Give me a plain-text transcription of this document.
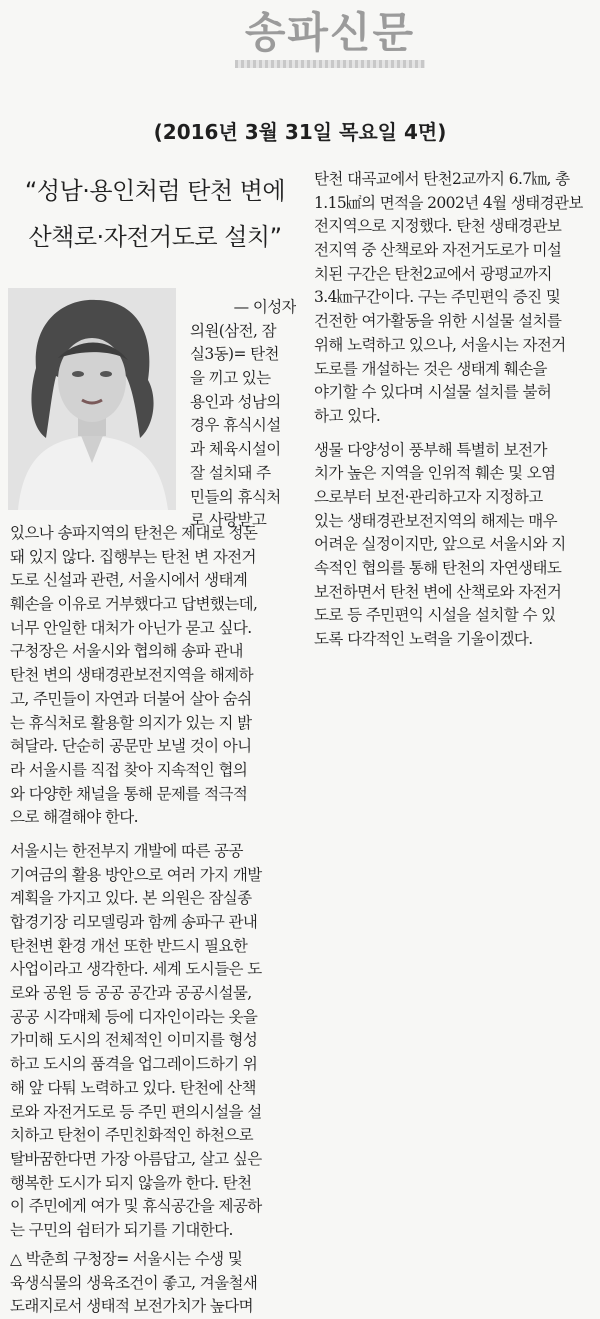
송파신문
(2016년 3월 31일 목요일 4면)
“성남·용인처럼 탄천 변에
산책로·자전거도로 설치”
— 이성자
의원(삼전, 잠
실3동)= 탄천
을 끼고 있는
용인과 성남의
경우 휴식시설
과 체육시설이
잘 설치돼 주
민들의 휴식처
로 사랑받고
있으나 송파지역의 탄천은 제대로 정돈
돼 있지 않다. 집행부는 탄천 변 자전거
도로 신설과 관련, 서울시에서 생태계
훼손을 이유로 거부했다고 답변했는데,
너무 안일한 대처가 아닌가 묻고 싶다.
구청장은 서울시와 협의해 송파 관내
탄천 변의 생태경관보전지역을 해제하
고, 주민들이 자연과 더불어 살아 숨쉬
는 휴식처로 활용할 의지가 있는 지 밝
혀달라. 단순히 공문만 보낼 것이 아니
라 서울시를 직접 찾아 지속적인 협의
와 다양한 채널을 통해 문제를 적극적
으로 해결해야 한다.
서울시는 한전부지 개발에 따른 공공
기여금의 활용 방안으로 여러 가지 개발
계획을 가지고 있다. 본 의원은 잠실종
합경기장 리모델링과 함께 송파구 관내
탄천변 환경 개선 또한 반드시 필요한
사업이라고 생각한다. 세계 도시들은 도
로와 공원 등 공공 공간과 공공시설물,
공공 시각매체 등에 디자인이라는 옷을
가미해 도시의 전체적인 이미지를 형성
하고 도시의 품격을 업그레이드하기 위
해 앞 다퉈 노력하고 있다. 탄천에 산책
로와 자전거도로 등 주민 편의시설을 설
치하고 탄천이 주민친화적인 하천으로
탈바꿈한다면 가장 아름답고, 살고 싶은
행복한 도시가 되지 않을까 한다. 탄천
이 주민에게 여가 및 휴식공간을 제공하
는 구민의 쉼터가 되기를 기대한다.
△ 박춘희 구청장= 서울시는 수생 및
육생식물의 생육조건이 좋고, 겨울철새
도래지로서 생태적 보전가치가 높다며
탄천 대곡교에서 탄천2교까지 6.7㎞, 총
1.15㎢의 면적을 2002년 4월 생태경관보
전지역으로 지정했다. 탄천 생태경관보
전지역 중 산책로와 자전거도로가 미설
치된 구간은 탄천2교에서 광평교까지
3.4㎞구간이다. 구는 주민편익 증진 및
건전한 여가활동을 위한 시설물 설치를
위해 노력하고 있으나, 서울시는 자전거
도로를 개설하는 것은 생태계 훼손을
야기할 수 있다며 시설물 설치를 불허
하고 있다.
생물 다양성이 풍부해 특별히 보전가
치가 높은 지역을 인위적 훼손 및 오염
으로부터 보전·관리하고자 지정하고
있는 생태경관보전지역의 해제는 매우
어려운 실정이지만, 앞으로 서울시와 지
속적인 협의를 통해 탄천의 자연생태도
보전하면서 탄천 변에 산책로와 자전거
도로 등 주민편익 시설을 설치할 수 있
도록 다각적인 노력을 기울이겠다.
